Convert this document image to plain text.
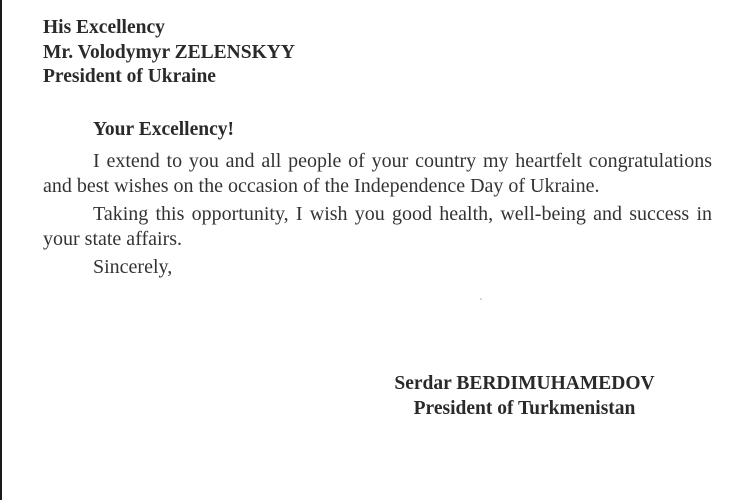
His Excellency
Mr. Volodymyr ZELENSKYY
President of Ukraine
Your Excellency!

I extend to you and all people of your country my heartfelt congratulations and best wishes on the occasion of the Independence Day of Ukraine.

Taking this opportunity, I wish you good health, well-being and success in your state affairs.

Sincerely,

Serdar BERDIMUHAMEDOV
President of Turkmenistan
